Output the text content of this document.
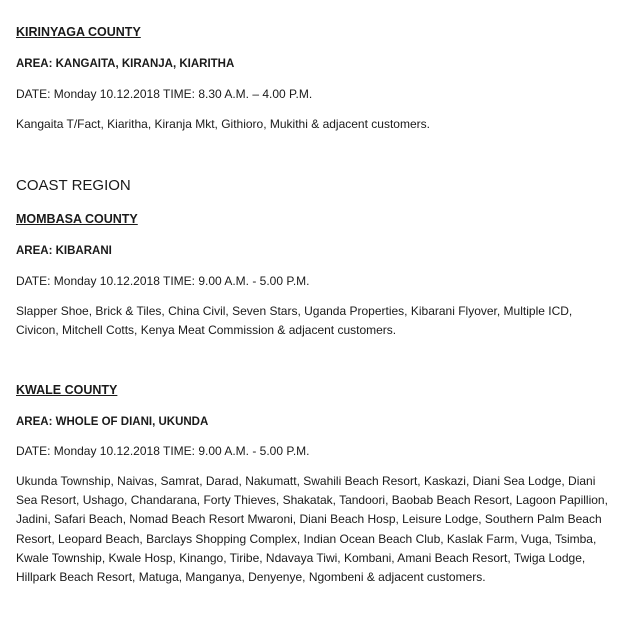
KIRINYAGA COUNTY
AREA: KANGAITA, KIRANJA, KIARITHA
DATE: Monday 10.12.2018 TIME: 8.30 A.M. – 4.00 P.M.
Kangaita T/Fact, Kiaritha, Kiranja Mkt, Githioro, Mukithi & adjacent customers.
COAST REGION
MOMBASA COUNTY
AREA: KIBARANI
DATE: Monday 10.12.2018 TIME: 9.00 A.M. - 5.00 P.M.
Slapper Shoe, Brick & Tiles, China Civil, Seven Stars, Uganda Properties, Kibarani Flyover, Multiple ICD, Civicon, Mitchell Cotts, Kenya Meat Commission & adjacent customers.
KWALE COUNTY
AREA: WHOLE OF DIANI, UKUNDA
DATE: Monday 10.12.2018 TIME: 9.00 A.M. - 5.00 P.M.
Ukunda Township, Naivas, Samrat, Darad, Nakumatt, Swahili Beach Resort, Kaskazi, Diani Sea Lodge, Diani Sea Resort, Ushago, Chandarana, Forty Thieves, Shakatak, Tandoori, Baobab Beach Resort, Lagoon Papillion, Jadini, Safari Beach, Nomad Beach Resort Mwaroni, Diani Beach Hosp, Leisure Lodge, Southern Palm Beach Resort, Leopard Beach, Barclays Shopping Complex, Indian Ocean Beach Club, Kaslak Farm, Vuga, Tsimba, Kwale Township, Kwale Hosp, Kinango, Tiribe, Ndavaya Tiwi, Kombani, Amani Beach Resort, Twiga Lodge, Hillpark Beach Resort, Matuga, Manganya, Denyenye, Ngombeni & adjacent customers.
